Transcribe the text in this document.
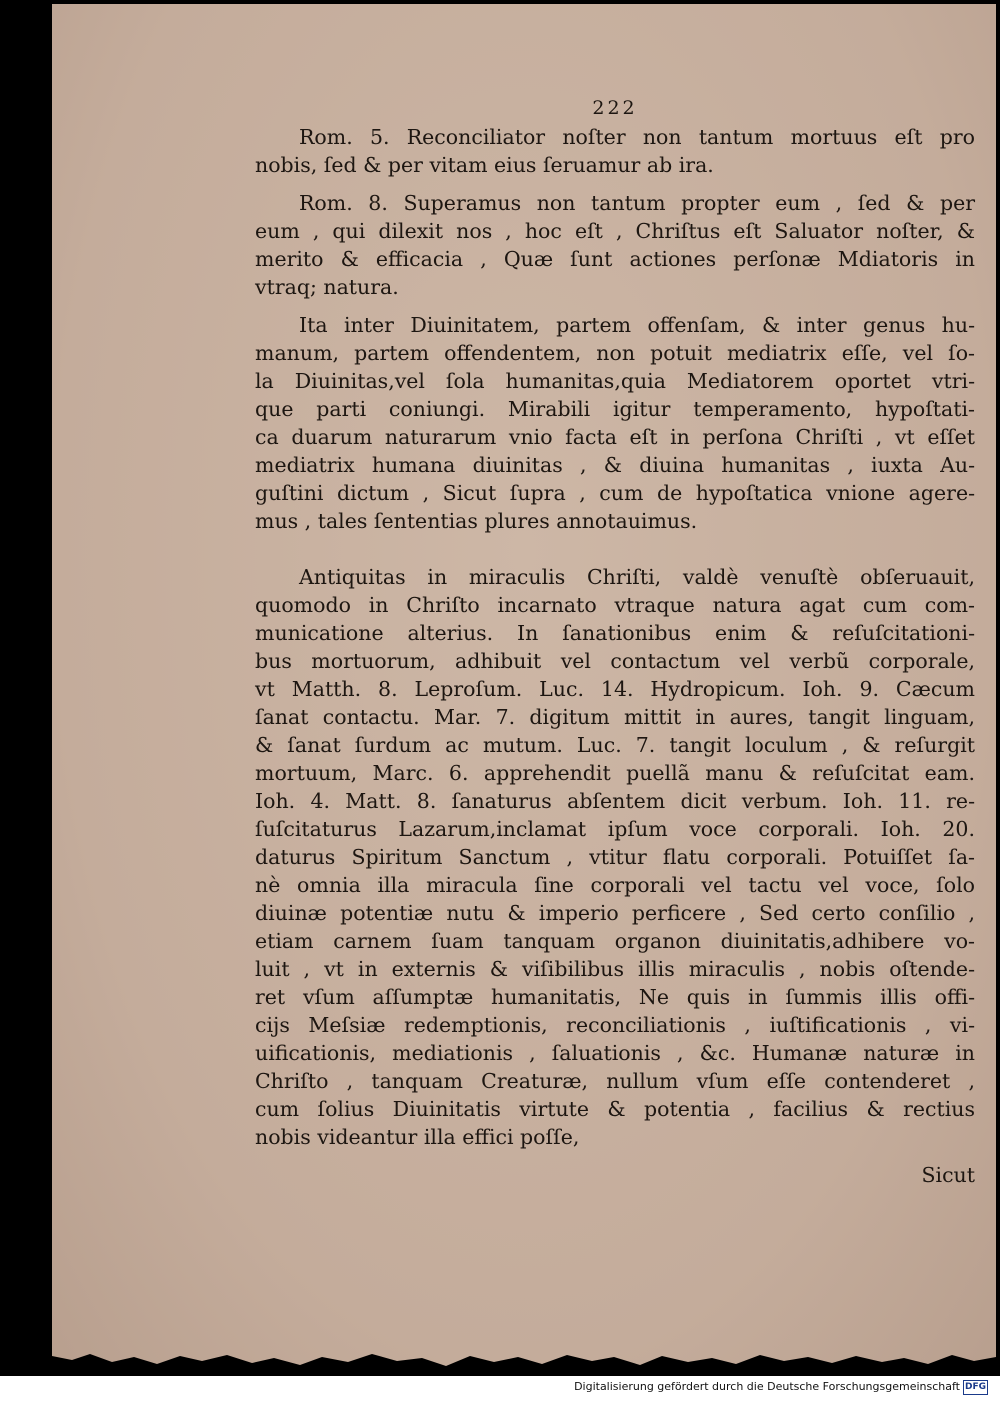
222
Rom. 5. Reconciliator noſter non tantum mortuus eſt pro
nobis, ſed & per vitam eius ſeruamur ab ira.
Rom. 8. Superamus non tantum propter eum , ſed & per
eum , qui dilexit nos , hoc eſt , Chriſtus eſt Saluator noſter, &
merito & efficacia , Quæ ſunt actiones perſonæ Mdiatoris in
vtraq; natura.
Ita inter Diuinitatem, partem offenſam, & inter genus hu-
manum, partem offendentem, non potuit mediatrix eſſe, vel ſo-
la Diuinitas,vel ſola humanitas,quia Mediatorem oportet vtri-
que parti coniungi. Mirabili igitur temperamento, hypoſtati-
ca duarum naturarum vnio facta eſt in perſona Chriſti , vt eſſet
mediatrix humana diuinitas , & diuina humanitas , iuxta Au-
guſtini dictum , Sicut ſupra , cum de hypoſtatica vnione agere-
mus , tales ſententias plures annotauimus.
Antiquitas in miraculis Chriſti, valdè venuſtè obſeruauit,
quomodo in Chriſto incarnato vtraque natura agat cum com-
municatione alterius. In ſanationibus enim & reſuſcitationi-
bus mortuorum, adhibuit vel contactum vel verbũ corporale,
vt Matth. 8. Leproſum. Luc. 14. Hydropicum. Ioh. 9. Cæcum
ſanat contactu. Mar. 7. digitum mittit in aures, tangit linguam,
& ſanat ſurdum ac mutum. Luc. 7. tangit loculum , & reſurgit
mortuum, Marc. 6. apprehendit puellã manu & reſuſcitat eam.
Ioh. 4. Matt. 8. ſanaturus abſentem dicit verbum. Ioh. 11. re-
ſuſcitaturus Lazarum,inclamat ipſum voce corporali. Ioh. 20.
daturus Spiritum Sanctum , vtitur flatu corporali. Potuiſſet ſa-
nè omnia illa miracula ſine corporali vel tactu vel voce, ſolo
diuinæ potentiæ nutu & imperio perficere , Sed certo conſilio ,
etiam carnem ſuam tanquam organon diuinitatis,adhibere vo-
luit , vt in externis & viſibilibus illis miraculis , nobis oſtende-
ret vſum aſſumptæ humanitatis, Ne quis in ſummis illis offi-
cijs Meſsiæ redemptionis, reconciliationis , iuſtificationis , vi-
uificationis, mediationis , ſaluationis , &c. Humanæ naturæ in
Chriſto , tanquam Creaturæ, nullum vſum eſſe contenderet ,
cum ſolius Diuinitatis virtute & potentia , facilius & rectius
nobis videantur illa effici poſſe,
Sicut
Digitalisierung gefördert durch die Deutsche Forschungsgemeinschaft DFG
